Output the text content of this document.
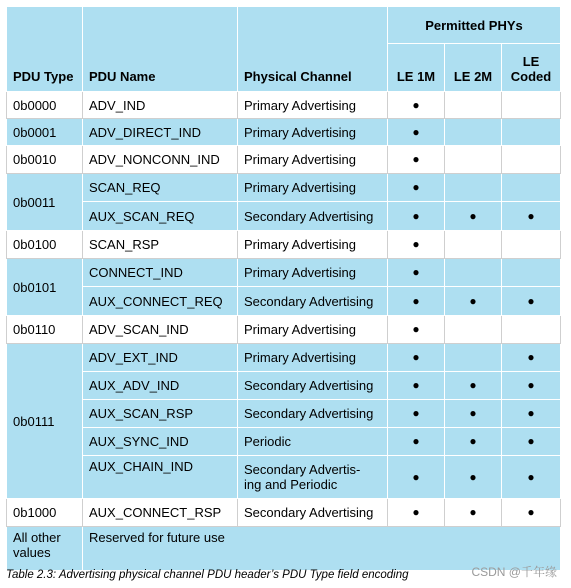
PDU Type	PDU Name	Physical Channel	Permitted PHYs		
			LE 1M	LE 2M	LE
Coded
0b0000	ADV_IND	Primary Advertising	●		
0b0001	ADV_DIRECT_IND	Primary Advertising	●		
0b0010	ADV_NONCONN_IND	Primary Advertising	●		
0b0011	SCAN_REQ	Primary Advertising	●		
	AUX_SCAN_REQ	Secondary Advertising	●	●	●
0b0100	SCAN_RSP	Primary Advertising	●		
0b0101	CONNECT_IND	Primary Advertising	●		
	AUX_CONNECT_REQ	Secondary Advertising	●	●	●
0b0110	ADV_SCAN_IND	Primary Advertising	●		
0b0111	ADV_EXT_IND	Primary Advertising	●		●
	AUX_ADV_IND	Secondary Advertising	●	●	●
	AUX_SCAN_RSP	Secondary Advertising	●	●	●
	AUX_SYNC_IND	Periodic	●	●	●
	AUX_CHAIN_IND	Secondary Advertis-
ing and Periodic	●	●	●
0b1000	AUX_CONNECT_RSP	Secondary Advertising	●	●	●
All other
values	Reserved for future use				
Table 2.3: Advertising physical channel PDU header’s PDU Type field encoding	CSDN @千年缘
